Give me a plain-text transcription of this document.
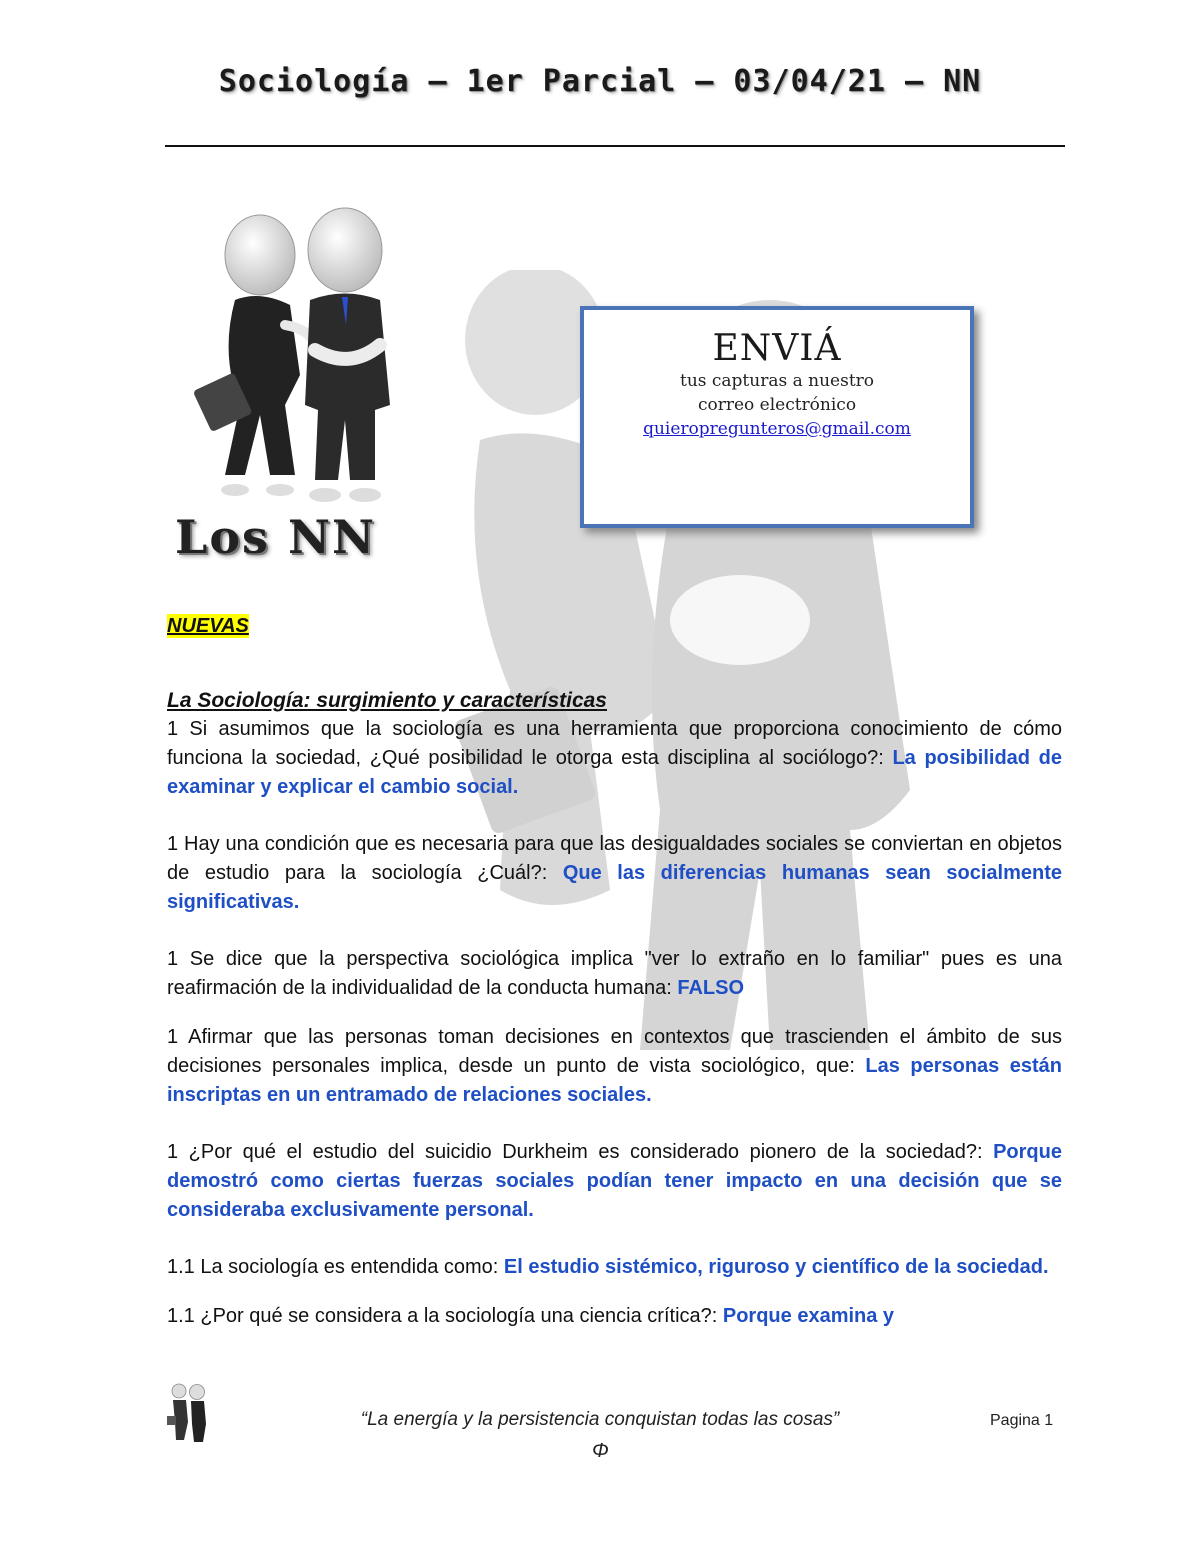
Sociología – 1er Parcial – 03/04/21 – NN
Los NN
ENVIÁ
tus capturas a nuestro
correo electrónico
quieropregunteros@gmail.com
NUEVAS
La Sociología: surgimiento y características

1 Si asumimos que la sociología es una herramienta que proporciona conocimiento de cómo funciona la sociedad, ¿Qué posibilidad le otorga esta disciplina al sociólogo?: La posibilidad de examinar y explicar el cambio social.

1 Hay una condición que es necesaria para que las desigualdades sociales se conviertan en objetos de estudio para la sociología ¿Cuál?: Que las diferencias humanas sean socialmente significativas.

1 Se dice que la perspectiva sociológica implica "ver lo extraño en lo familiar" pues es una reafirmación de la individualidad de la conducta humana: FALSO

1 Afirmar que las personas toman decisiones en contextos que trascienden el ámbito de sus decisiones personales implica, desde un punto de vista sociológico, que: Las personas están inscriptas en un entramado de relaciones sociales.

1 ¿Por qué el estudio del suicidio Durkheim es considerado pionero de la sociedad?: Porque demostró como ciertas fuerzas sociales podían tener impacto en una decisión que se consideraba exclusivamente personal.

1.1 La sociología es entendida como: El estudio sistémico, riguroso y científico de la sociedad.

1.1 ¿Por qué se considera a la sociología una ciencia crítica?: Porque examina y

“La energía y la persistencia conquistan todas las cosas”	Pagina 1
Φ
